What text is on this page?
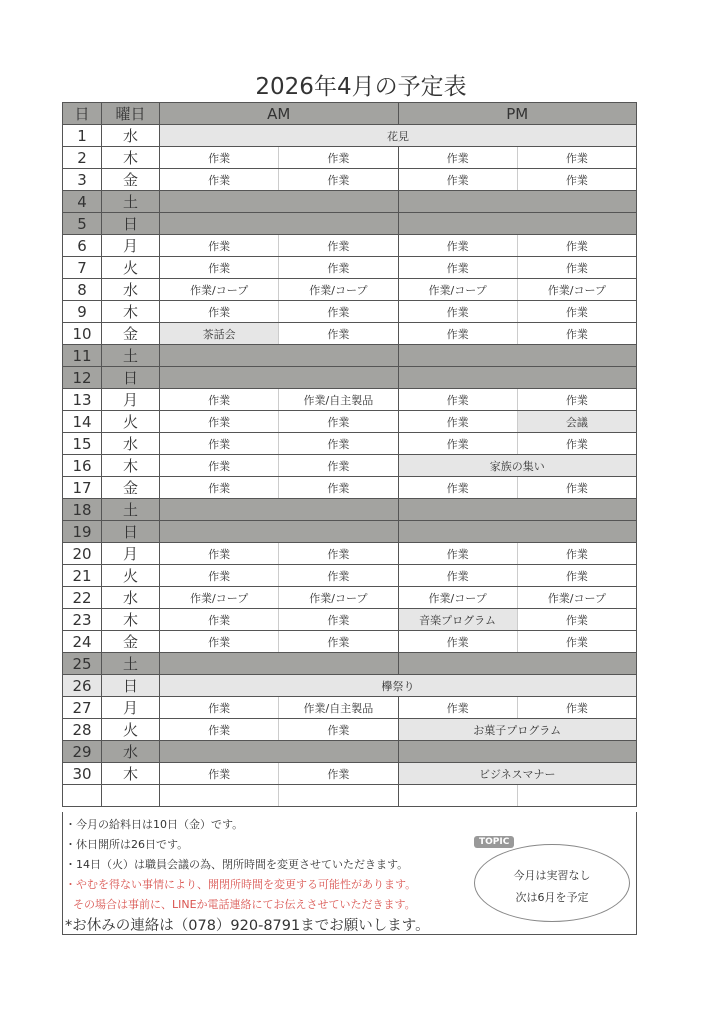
2026年4月の予定表
日	曜日	AM		PM	
1	水	花見			
2	木	作業	作業	作業	作業
3	金	作業	作業	作業	作業
4	土				
5	日				
6	月	作業	作業	作業	作業
7	火	作業	作業	作業	作業
8	水	作業/コープ	作業/コープ	作業/コープ	作業/コープ
9	木	作業	作業	作業	作業
10	金	茶話会	作業	作業	作業
11	土				
12	日				
13	月	作業	作業/自主製品	作業	作業
14	火	作業	作業	作業	会議
15	水	作業	作業	作業	作業
16	木	作業	作業	家族の集い	
17	金	作業	作業	作業	作業
18	土				
19	日				
20	月	作業	作業	作業	作業
21	火	作業	作業	作業	作業
22	水	作業/コープ	作業/コープ	作業/コープ	作業/コープ
23	木	作業	作業	音楽プログラム	作業
24	金	作業	作業	作業	作業
25	土				
26	日	欅祭り			
27	月	作業	作業/自主製品	作業	作業
28	火	作業	作業	お菓子プログラム	
29	水				
30	木	作業	作業	ビジネスマナー	

・今月の給料日は10日（金）です。
・休日開所は26日です。
・14日（火）は職員会議の為、閉所時間を変更させていただきます。
・やむを得ない事情により、開閉所時間を変更する可能性があります。
その場合は事前に、LINEか電話連絡にてお伝えさせていただきます。
*お休みの連絡は（078）920-8791までお願いします。
今月は実習なし
次は6月を予定
TOPIC
